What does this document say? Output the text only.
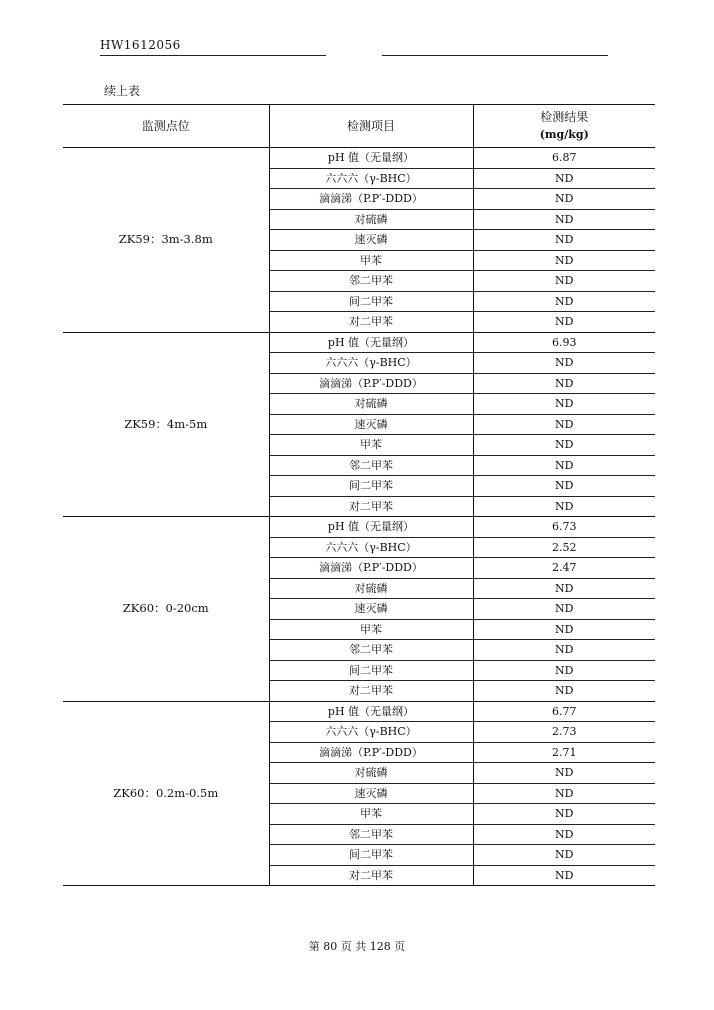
HW1612056
续上表
监测点位	检测项目	检测结果
(mg/kg)

ZK59：3m-3.8m	pH 值（无量纲）	6.87
	六六六（γ-BHC）	ND
	滴滴涕（P.P′-DDD）	ND
	对硫磷	ND
	速灭磷	ND
	甲苯	ND
	邻二甲苯	ND
	间二甲苯	ND
	对二甲苯	ND
ZK59：4m-5m	pH 值（无量纲）	6.93
	六六六（γ-BHC）	ND
	滴滴涕（P.P′-DDD）	ND
	对硫磷	ND
	速灭磷	ND
	甲苯	ND
	邻二甲苯	ND
	间二甲苯	ND
	对二甲苯	ND
ZK60：0-20cm	pH 值（无量纲）	6.73
	六六六（γ-BHC）	2.52
	滴滴涕（P.P′-DDD）	2.47
	对硫磷	ND
	速灭磷	ND
	甲苯	ND
	邻二甲苯	ND
	间二甲苯	ND
	对二甲苯	ND
ZK60：0.2m-0.5m	pH 值（无量纲）	6.77
	六六六（γ-BHC）	2.73
	滴滴涕（P.P′-DDD）	2.71
	对硫磷	ND
	速灭磷	ND
	甲苯	ND
	邻二甲苯	ND
	间二甲苯	ND
	对二甲苯	ND
第 80 页 共 128 页
